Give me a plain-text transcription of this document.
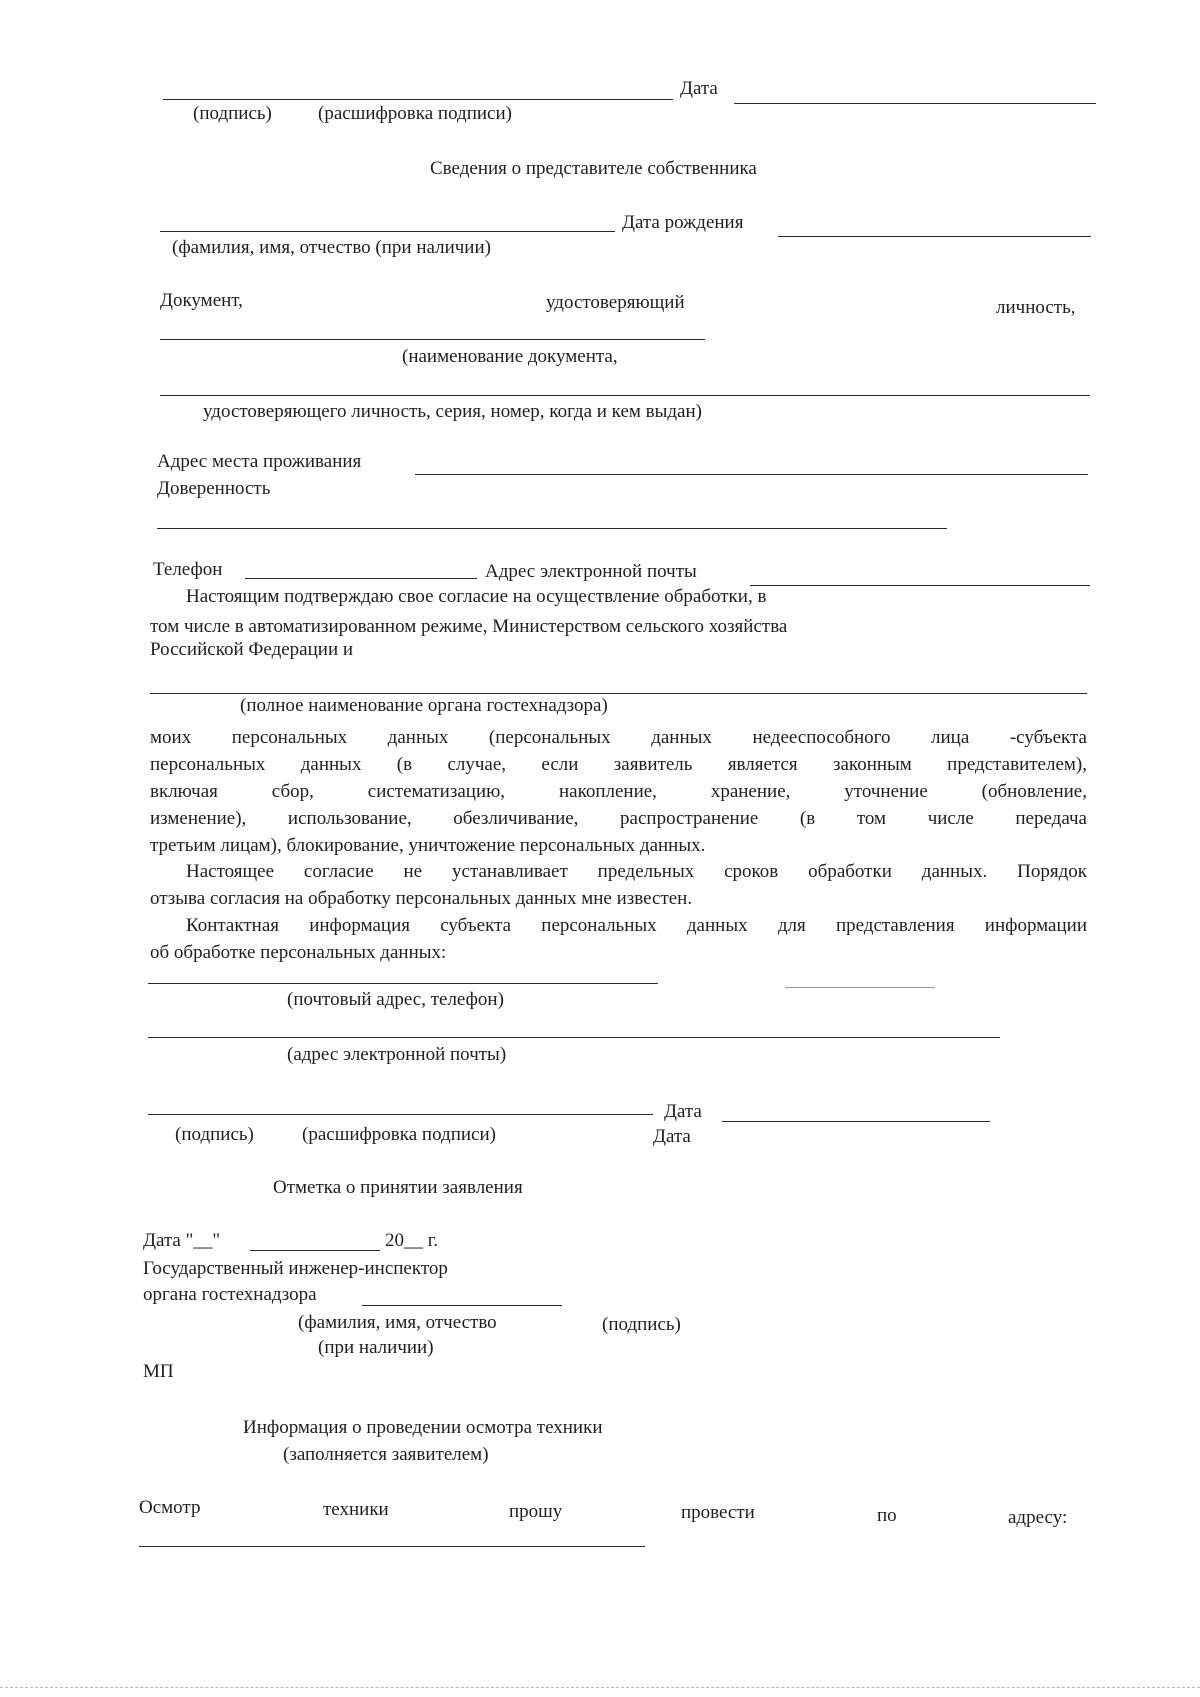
Дата
(подпись) (расшифровка подписи)
Сведения о представителе собственника
Дата рождения
(фамилия, имя, отчество (при наличии)
Документ,	удостоверяющий	личность,
(наименование документа,
удостоверяющего личность, серия, номер, когда и кем выдан)
Адрес места проживания
Доверенность
Телефон	Адрес электронной почты
Настоящим подтверждаю свое согласие на осуществление обработки, в
том числе в автоматизированном режиме, Министерством сельского хозяйства
Российской Федерации и
(полное наименование органа гостехнадзора)
моих персональных данных (персональных данных недееспособного лица -субъекта
персональных данных (в случае, если заявитель является законным представителем),
включая сбор, систематизацию, накопление, хранение, уточнение (обновление,
изменение), использование, обезличивание, распространение (в том числе передача
третьим лицам), блокирование, уничтожение персональных данных.
Настоящее согласие не устанавливает предельных сроков обработки данных. Порядок
отзыва согласия на обработку персональных данных мне известен.
Контактная информация субъекта персональных данных для представления информации
об обработке персональных данных:
(почтовый адрес, телефон)
(адрес электронной почты)
Дата
(подпись)	(расшифровка подписи)	Дата
Отметка о принятии заявления
Дата "__"	20__ г.
Государственный инженер-инспектор
органа гостехнадзора
(фамилия, имя, отчество	(подпись)
(при наличии)
МП
Информация о проведении осмотра техники
(заполняется заявителем)
Осмотр	техники	прошу	провести	по	адресу:
